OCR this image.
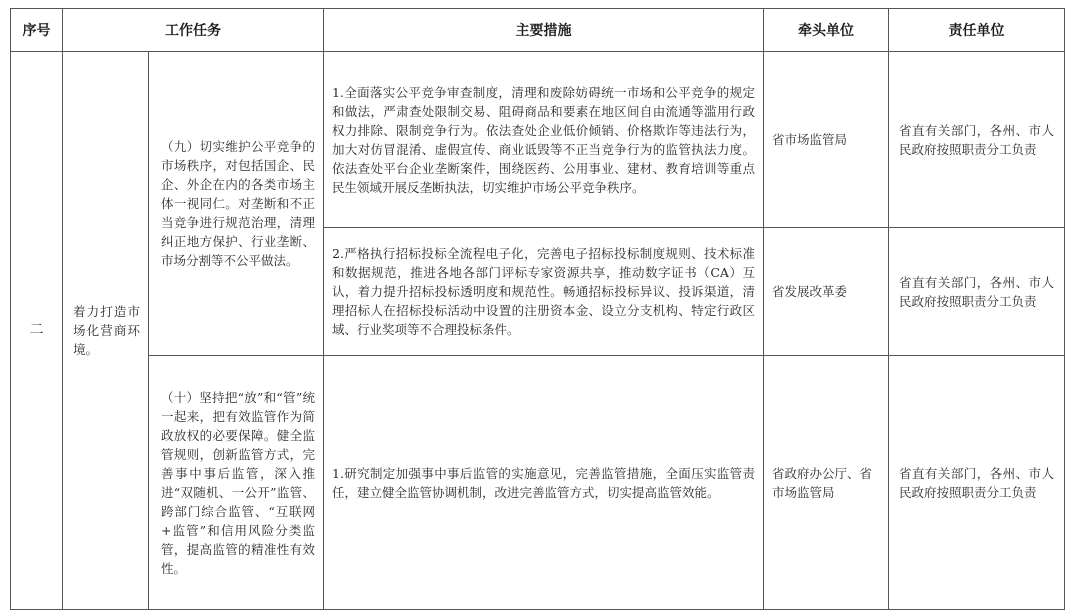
序号	工作任务		主要措施	牵头单位	责任单位
二	着力打造市场化营商环境。	（九）切实维护公平竞争的市场秩序，对包括国企、民企、外企在内的各类市场主体一视同仁。对垄断和不正当竞争进行规范治理，清理纠正地方保护、行业垄断、市场分割等不公平做法。	1.全面落实公平竞争审查制度，清理和废除妨碍统一市场和公平竞争的规定和做法，严肃查处限制交易、阻碍商品和要素在地区间自由流通等滥用行政权力排除、限制竞争行为。依法查处企业低价倾销、价格欺诈等违法行为，加大对仿冒混淆、虚假宣传、商业诋毁等不正当竞争行为的监管执法力度。依法查处平台企业垄断案件，围绕医药、公用事业、建材、教育培训等重点民生领域开展反垄断执法，切实维护市场公平竞争秩序。	省市场监管局	省直有关部门，各州、市人民政府按照职责分工负责
			2.严格执行招标投标全流程电子化，完善电子招标投标制度规则、技术标准和数据规范，推进各地各部门评标专家资源共享，推动数字证书（CA）互认，着力提升招标投标透明度和规范性。畅通招标投标异议、投诉渠道，清理招标人在招标投标活动中设置的注册资本金、设立分支机构、特定行政区域、行业奖项等不合理投标条件。	省发展改革委	省直有关部门，各州、市人民政府按照职责分工负责
		（十）坚持把“放”和“管”统一起来，把有效监管作为简政放权的必要保障。健全监管规则，创新监管方式，完善事中事后监管，深入推进“双随机、一公开”监管、跨部门综合监管、“互联网+监管”和信用风险分类监管，提高监管的精准性有效性。	1.研究制定加强事中事后监管的实施意见，完善监管措施，全面压实监管责任，建立健全监管协调机制，改进完善监管方式，切实提高监管效能。	省政府办公厅、省市场监管局	省直有关部门，各州、市人民政府按照职责分工负责
